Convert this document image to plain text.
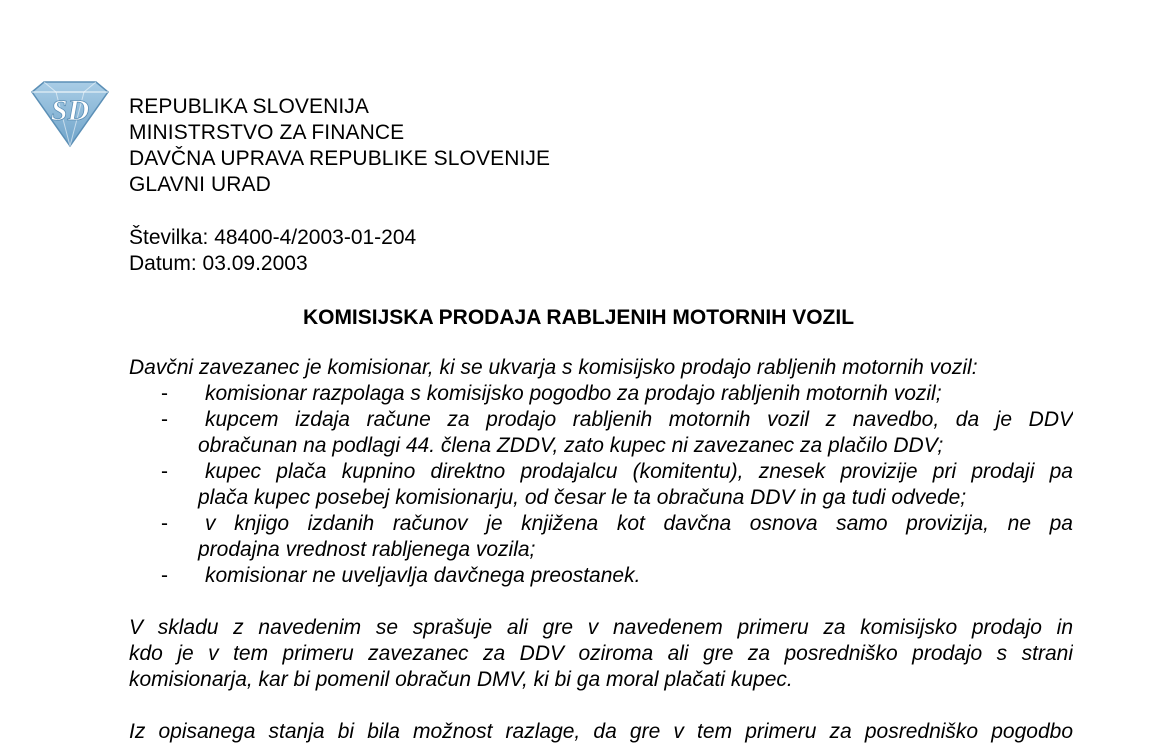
SD REPUBLIKA SLOVENIJA
MINISTRSTVO ZA FINANCE
DAVČNA UPRAVA REPUBLIKE SLOVENIJE
GLAVNI URAD
Številka: 48400-4/2003-01-204
Datum: 03.09.2003
KOMISIJSKA PRODAJA RABLJENIH MOTORNIH VOZIL
Davčni zavezanec je komisionar, ki se ukvarja s komisijsko prodajo rabljenih motornih vozil:
- komisionar razpolaga s komisijsko pogodbo za prodajo rabljenih motornih vozil;
- kupcem izdaja račune za prodajo rabljenih motornih vozil z navedbo, da je DDV
obračunan na podlagi 44. člena ZDDV, zato kupec ni zavezanec za plačilo DDV;
- kupec plača kupnino direktno prodajalcu (komitentu), znesek provizije pri prodaji pa
plača kupec posebej komisionarju, od česar le ta obračuna DDV in ga tudi odvede;
- v knjigo izdanih računov je knjižena kot davčna osnova samo provizija, ne pa
prodajna vrednost rabljenega vozila;
- komisionar ne uveljavlja davčnega preostanek.
V skladu z navedenim se sprašuje ali gre v navedenem primeru za komisijsko prodajo in
kdo je v tem primeru zavezanec za DDV oziroma ali gre za posredniško prodajo s strani
komisionarja, kar bi pomenil obračun DMV, ki bi ga moral plačati kupec.
Iz opisanega stanja bi bila možnost razlage, da gre v tem primeru za posredniško pogodbo
